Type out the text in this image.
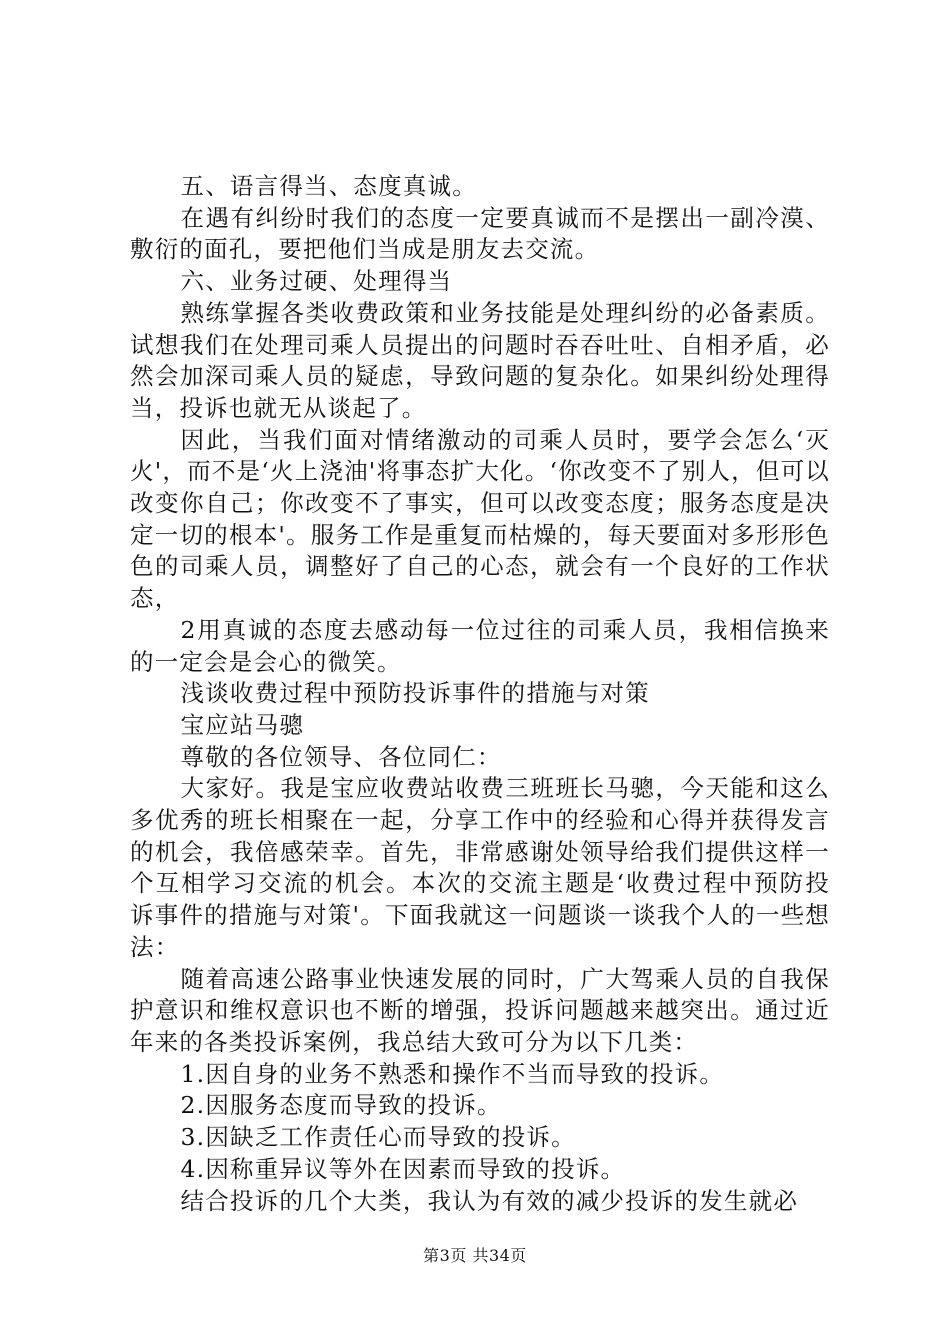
五、语言得当、态度真诚。

在遇有纠纷时我们的态度一定要真诚而不是摆出一副冷漠、敷衍的面孔，要把他们当成是朋友去交流。

六、业务过硬、处理得当

熟练掌握各类收费政策和业务技能是处理纠纷的必备素质。试想我们在处理司乘人员提出的问题时吞吞吐吐、自相矛盾，必然会加深司乘人员的疑虑，导致问题的复杂化。如果纠纷处理得当，投诉也就无从谈起了。

因此，当我们面对情绪激动的司乘人员时，要学会怎么‘灭火'，而不是‘火上浇油'将事态扩大化。‘你改变不了别人，但可以改变你自己；你改变不了事实，但可以改变态度；服务态度是决定一切的根本'。服务工作是重复而枯燥的，每天要面对多形形色色的司乘人员，调整好了自己的心态，就会有一个良好的工作状态，

2用真诚的态度去感动每一位过往的司乘人员，我相信换来的一定会是会心的微笑。

浅谈收费过程中预防投诉事件的措施与对策

宝应站马骢

尊敬的各位领导、各位同仁：

大家好。我是宝应收费站收费三班班长马骢，今天能和这么多优秀的班长相聚在一起，分享工作中的经验和心得并获得发言的机会，我倍感荣幸。首先，非常感谢处领导给我们提供这样一个互相学习交流的机会。本次的交流主题是‘收费过程中预防投诉事件的措施与对策'。下面我就这一问题谈一谈我个人的一些想法：

随着高速公路事业快速发展的同时，广大驾乘人员的自我保护意识和维权意识也不断的增强，投诉问题越来越突出。通过近年来的各类投诉案例，我总结大致可分为以下几类：

1.因自身的业务不熟悉和操作不当而导致的投诉。

2.因服务态度而导致的投诉。

3.因缺乏工作责任心而导致的投诉。

4.因称重异议等外在因素而导致的投诉。

结合投诉的几个大类，我认为有效的减少投诉的发生就必

第3页 共34页
